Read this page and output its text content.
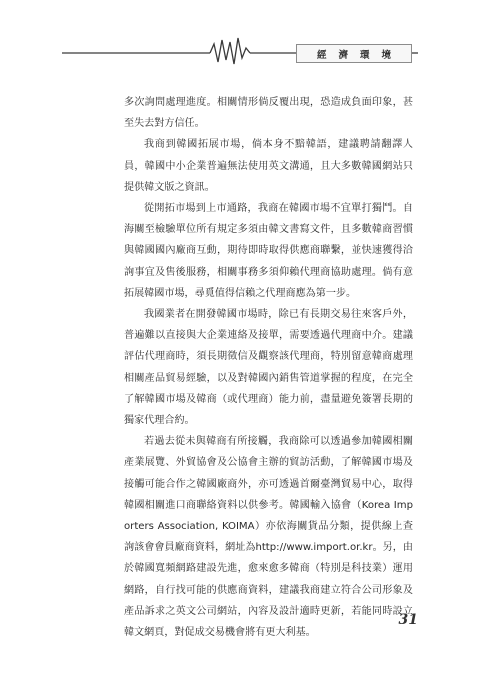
經濟環境

多次詢問處理進度。相關情形倘反覆出現，恐造成負面印象，甚至失去對方信任。

我商到韓國拓展市場，倘本身不黯韓語，建議聘請翻譯人員，韓國中小企業普遍無法使用英文溝通，且大多數韓國網站只提供韓文版之資訊。

從開拓市場到上市通路，我商在韓國市場不宜單打獨鬥。自海關至檢驗單位所有規定多須由韓文書寫文件，且多數韓商習慣與韓國國內廠商互動，期待即時取得供應商聯繫，並快速獲得洽詢事宜及售後服務，相關事務多須仰賴代理商協助處理。倘有意拓展韓國市場，尋覓值得信賴之代理商應為第一步。

我國業者在開發韓國市場時，除已有長期交易往來客戶外，普遍難以直接與大企業連絡及接單，需要透過代理商中介。建議評估代理商時，須長期徵信及觀察該代理商，特別留意韓商處理相關產品貿易經驗，以及對韓國內銷售管道掌握的程度，在完全了解韓國市場及韓商（或代理商）能力前，盡量避免簽署長期的獨家代理合約。

若過去從未與韓商有所接觸，我商除可以透過參加韓國相關產業展覽、外貿協會及公協會主辦的貿訪活動，了解韓國市場及接觸可能合作之韓國廠商外，亦可透過首爾臺灣貿易中心，取得韓國相關進口商聯絡資料以供參考。韓國輸入協會（Korea Importers Association, KOIMA）亦依海關貨品分類，提供線上查詢該會會員廠商資料，網址為http://www.import.or.kr。另，由於韓國寬頻網路建設先進，愈來愈多韓商（特別是科技業）運用網路，自行找可能的供應商資料，建議我商建立符合公司形象及產品訴求之英文公司網站，內容及設計適時更新，若能同時設立韓文網頁，對促成交易機會將有更大利基。

31
